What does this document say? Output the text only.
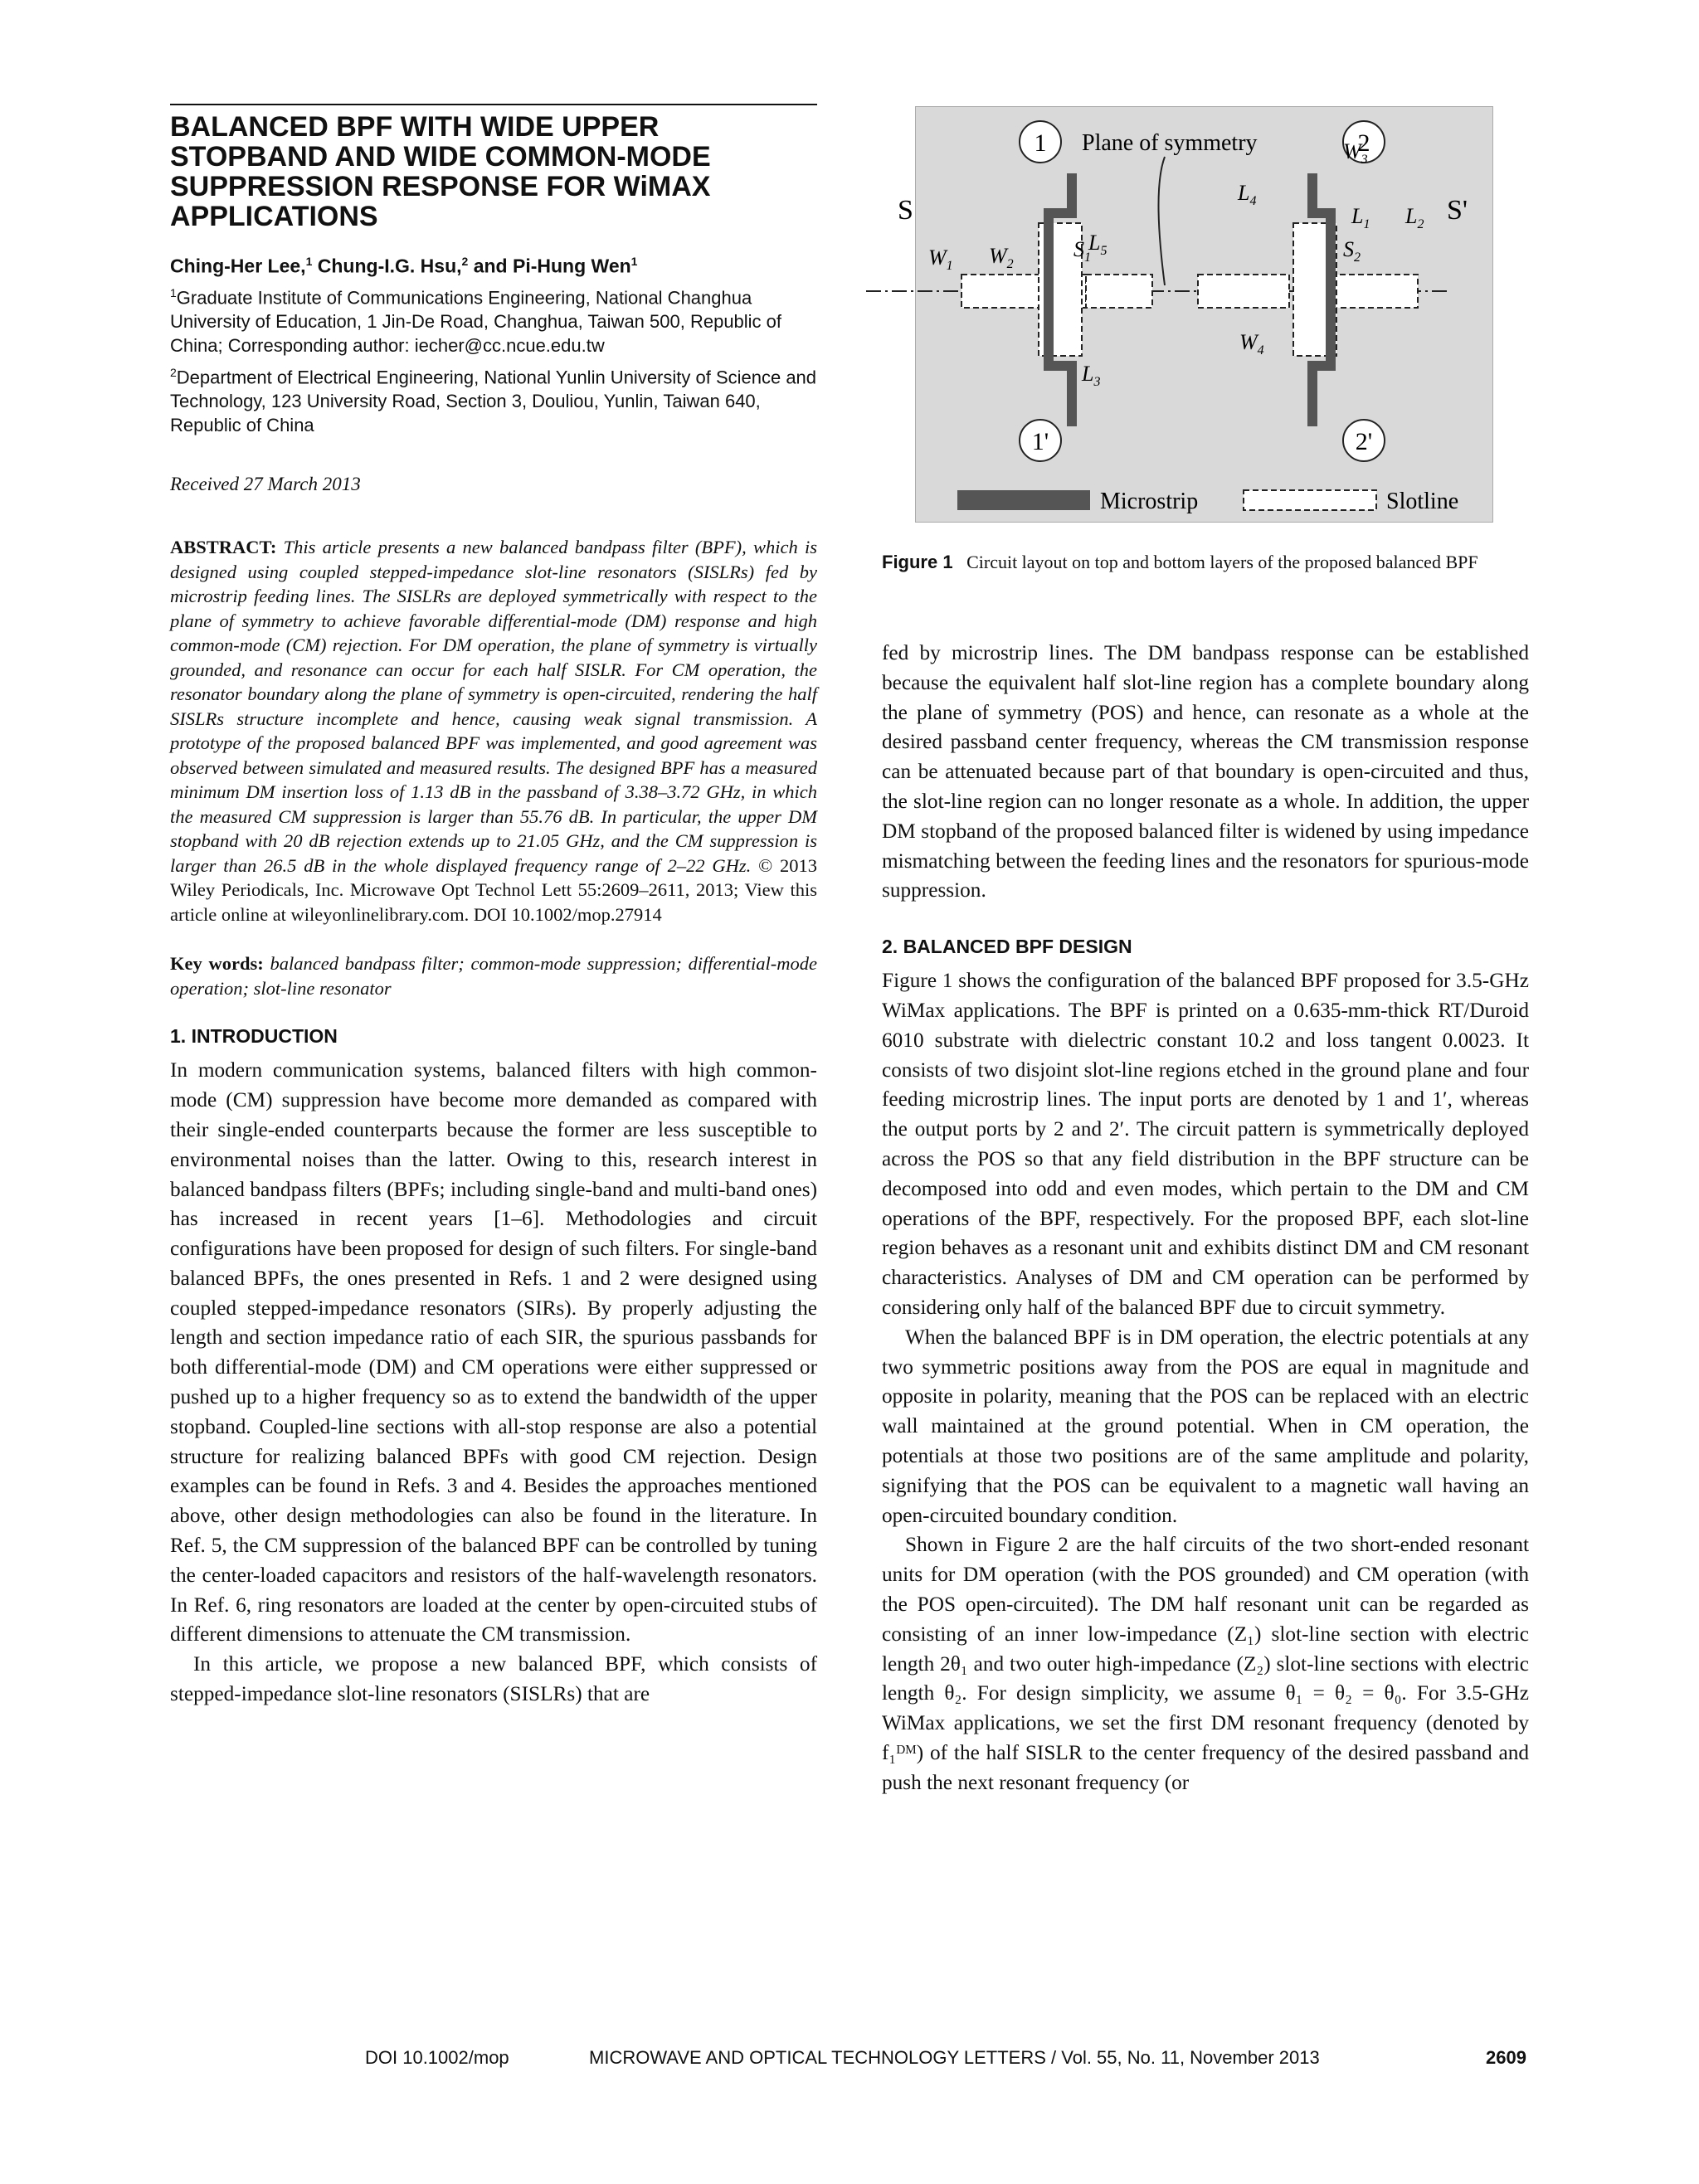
BALANCED BPF WITH WIDE UPPER STOPBAND AND WIDE COMMON-MODE SUPPRESSION RESPONSE FOR WiMAX APPLICATIONS
Ching-Her Lee,$^1$ Chung-I.G. Hsu,$^2$ and Pi-Hung Wen$^1$
$^1$Graduate Institute of Communications Engineering, National Changhua University of Education, 1 Jin-De Road, Changhua, Taiwan 500, Republic of China; Corresponding author: iecher@cc.ncue.edu.tw
$^2$Department of Electrical Engineering, National Yunlin University of Science and Technology, 123 University Road, Section 3, Douliou, Yunlin, Taiwan 640, Republic of China
Received 27 March 2013
ABSTRACT: This article presents a new balanced bandpass filter (BPF), which is designed using coupled stepped-impedance slot-line resonators (SISLRs) fed by microstrip feeding lines. The SISLRs are deployed symmetrically with respect to the plane of symmetry to achieve favorable differential-mode (DM) response and high common-mode (CM) rejection. For DM operation, the plane of symmetry is virtually grounded, and resonance can occur for each half SISLR. For CM operation, the resonator boundary along the plane of symmetry is open-circuited, rendering the half SISLRs structure incomplete and hence, causing weak signal transmission. A prototype of the proposed balanced BPF was implemented, and good agreement was observed between simulated and measured results. The designed BPF has a measured minimum DM insertion loss of 1.13 dB in the passband of 3.38–3.72 GHz, in which the measured CM suppression is larger than 55.76 dB. In particular, the upper DM stopband with 20 dB rejection extends up to 21.05 GHz, and the CM suppression is larger than 26.5 dB in the whole displayed frequency range of 2–22 GHz. © 2013 Wiley Periodicals, Inc. Microwave Opt Technol Lett 55:2609–2611, 2013; View this article online at wileyonlinelibrary.com. DOI 10.1002/mop.27914
Key words: balanced bandpass filter; common-mode suppression; differential-mode operation; slot-line resonator
1. INTRODUCTION

In modern communication systems, balanced filters with high common-mode (CM) suppression have become more demanded as compared with their single-ended counterparts because the former are less susceptible to environmental noises than the latter. Owing to this, research interest in balanced bandpass filters (BPFs; including single-band and multi-band ones) has increased in recent years [1–6]. Methodologies and circuit configurations have been proposed for design of such filters. For single-band balanced BPFs, the ones presented in Refs. 1 and 2 were designed using coupled stepped-impedance resonators (SIRs). By properly adjusting the length and section impedance ratio of each SIR, the spurious passbands for both differential-mode (DM) and CM operations were either suppressed or pushed up to a higher frequency so as to extend the bandwidth of the upper stopband. Coupled-line sections with all-stop response are also a potential structure for realizing balanced BPFs with good CM rejection. Design examples can be found in Refs. 3 and 4. Besides the approaches mentioned above, other design methodologies can also be found in the literature. In Ref. 5, the CM suppression of the balanced BPF can be controlled by tuning the center-loaded capacitors and resistors of the half-wavelength resonators. In Ref. 6, ring resonators are loaded at the center by open-circuited stubs of different dimensions to attenuate the CM transmission.

In this article, we propose a new balanced BPF, which consists of stepped-impedance slot-line resonators (SISLRs) that are

1	2
1'	2'
Plane of symmetry
S	S'
$L_5$
$L_4$
$L_1$ $L_2$
$L_3$
$W_3$
$W_1$ $W_2$
$W_4$
$S_1$	$S_2$
Microstrip	Slotline
Figure 1 Circuit layout on top and bottom layers of the proposed balanced BPF

fed by microstrip lines. The DM bandpass response can be established because the equivalent half slot-line region has a complete boundary along the plane of symmetry (POS) and hence, can resonate as a whole at the desired passband center frequency, whereas the CM transmission response can be attenuated because part of that boundary is open-circuited and thus, the slot-line region can no longer resonate as a whole. In addition, the upper DM stopband of the proposed balanced filter is widened by using impedance mismatching between the feeding lines and the resonators for spurious-mode suppression.

2. BALANCED BPF DESIGN

Figure 1 shows the configuration of the balanced BPF proposed for 3.5-GHz WiMax applications. The BPF is printed on a 0.635-mm-thick RT/Duroid 6010 substrate with dielectric constant 10.2 and loss tangent 0.0023. It consists of two disjoint slot-line regions etched in the ground plane and four feeding microstrip lines. The input ports are denoted by 1 and 1′, whereas the output ports by 2 and 2′. The circuit pattern is symmetrically deployed across the POS so that any field distribution in the BPF structure can be decomposed into odd and even modes, which pertain to the DM and CM operations of the BPF, respectively. For the proposed BPF, each slot-line region behaves as a resonant unit and exhibits distinct DM and CM resonant characteristics. Analyses of DM and CM operation can be performed by considering only half of the balanced BPF due to circuit symmetry.

When the balanced BPF is in DM operation, the electric potentials at any two symmetric positions away from the POS are equal in magnitude and opposite in polarity, meaning that the POS can be replaced with an electric wall maintained at the ground potential. When in CM operation, the potentials at those two positions are of the same amplitude and polarity, signifying that the POS can be equivalent to a magnetic wall having an open-circuited boundary condition.

Shown in Figure 2 are the half circuits of the two short-ended resonant units for DM operation (with the POS grounded) and CM operation (with the POS open-circuited). The DM half resonant unit can be regarded as consisting of an inner low-impedance (Z₁) slot-line section with electric length 2θ₁ and two outer high-impedance (Z₂) slot-line sections with electric length θ₂. For design simplicity, we assume θ₁ = θ₂ = θ₀. For 3.5-GHz WiMax applications, we set the first DM resonant frequency (denoted by f₁ᴰᴹ) of the half SISLR to the center frequency of the desired passband and push the next resonant frequency (or

DOI 10.1002/mop	MICROWAVE AND OPTICAL TECHNOLOGY LETTERS / Vol. 55, No. 11, November 2013	2609
